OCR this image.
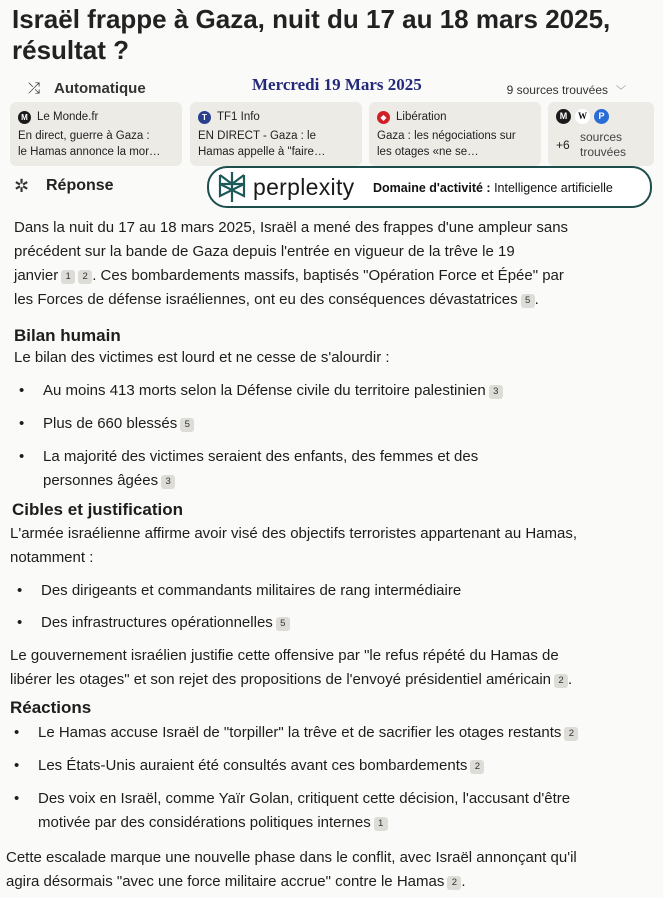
Israël frappe à Gaza, nuit du 17 au 18 mars 2025, résultat ?
⤮ Automatique	Mercredi 19 Mars 2025	9 sources trouvées ﹀
M Le Monde.fr
En direct, guerre à Gaza :
le Hamas annonce la mor…
T TF1 Info
EN DIRECT - Gaza : le
Hamas appelle à "faire…
◆ Libération
Gaza : les négociations sur
les otages «ne se…
M	W	P
+6
sources
trouvées
✲ Réponse	perplexity Domaine d'activité : Intelligence artificielle
Dans la nuit du 17 au 18 mars 2025, Israël a mené des frappes d'une ampleur sans
précédent sur la bande de Gaza depuis l'entrée en vigueur de la trêve le 19
janvier 1 2 . Ces bombardements massifs, baptisés "Opération Force et Épée" par
les Forces de défense israéliennes, ont eu des conséquences dévastatrices 5 .
Bilan humain
Le bilan des victimes est lourd et ne cesse de s'alourdir :
• Au moins 413 morts selon la Défense civile du territoire palestinien 3
• Plus de 660 blessés 5
• La majorité des victimes seraient des enfants, des femmes et des
personnes âgées 3
Cibles et justification
L'armée israélienne affirme avoir visé des objectifs terroristes appartenant au Hamas,
notamment :
• Des dirigeants et commandants militaires de rang intermédiaire
• Des infrastructures opérationnelles 5
Le gouvernement israélien justifie cette offensive par "le refus répété du Hamas de
libérer les otages" et son rejet des propositions de l'envoyé présidentiel américain 2 .
Réactions
• Le Hamas accuse Israël de "torpiller" la trêve et de sacrifier les otages restants 2
• Les États-Unis auraient été consultés avant ces bombardements 2
• Des voix en Israël, comme Yaïr Golan, critiquent cette décision, l'accusant d'être
motivée par des considérations politiques internes 1
Cette escalade marque une nouvelle phase dans le conflit, avec Israël annonçant qu'il
agira désormais "avec une force militaire accrue" contre le Hamas 2 .
